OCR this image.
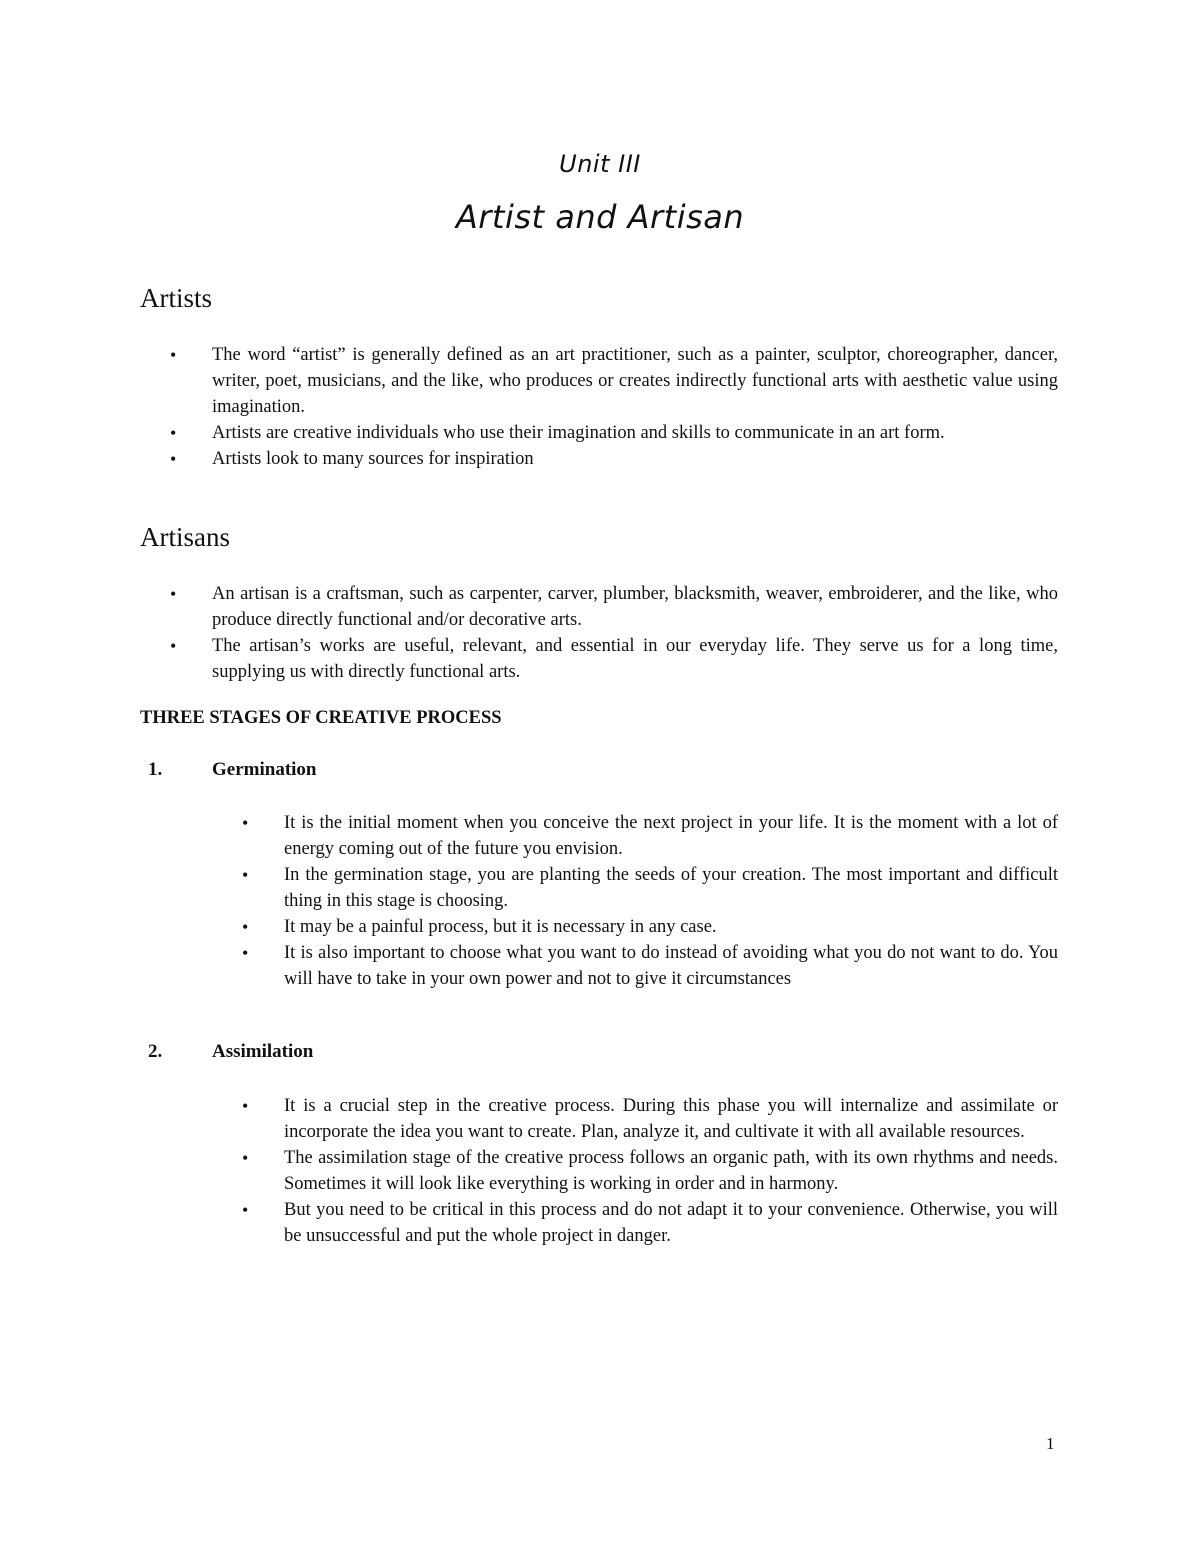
Unit III
Artist and Artisan
Artists
• The word “artist” is generally defined as an art practitioner, such as a painter, sculptor, choreographer, dancer, writer, poet, musicians, and the like, who produces or creates indirectly functional arts with aesthetic value using imagination.
• Artists are creative individuals who use their imagination and skills to communicate in an art form.
• Artists look to many sources for inspiration
Artisans
• An artisan is a craftsman, such as carpenter, carver, plumber, blacksmith, weaver, embroiderer, and the like, who produce directly functional and/or decorative arts.
• The artisan’s works are useful, relevant, and essential in our everyday life. They serve us for a long time, supplying us with directly functional arts.
THREE STAGES OF CREATIVE PROCESS
1.	Germination
• It is the initial moment when you conceive the next project in your life. It is the moment with a lot of energy coming out of the future you envision.
• In the germination stage, you are planting the seeds of your creation. The most important and difficult thing in this stage is choosing.
• It may be a painful process, but it is necessary in any case.
• It is also important to choose what you want to do instead of avoiding what you do not want to do. You will have to take in your own power and not to give it circumstances
2.	Assimilation
• It is a crucial step in the creative process. During this phase you will internalize and assimilate or incorporate the idea you want to create. Plan, analyze it, and cultivate it with all available resources.
• The assimilation stage of the creative process follows an organic path, with its own rhythms and needs. Sometimes it will look like everything is working in order and in harmony.
• But you need to be critical in this process and do not adapt it to your convenience. Otherwise, you will be unsuccessful and put the whole project in danger.
1
